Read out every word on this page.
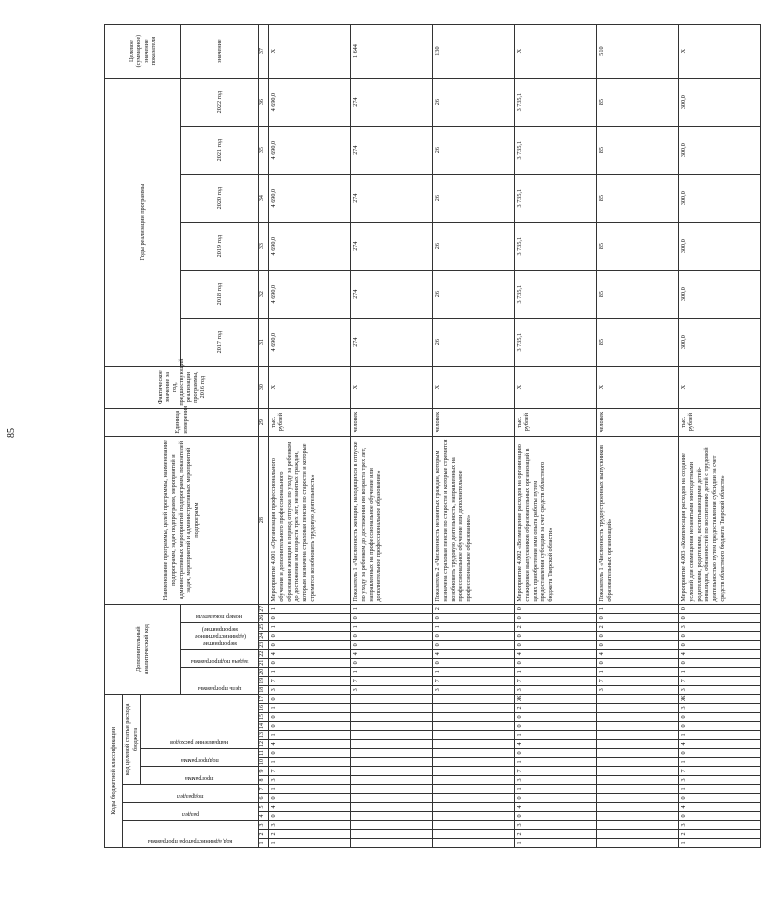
85
Коды бюджетной классификации																	Дополнительный аналитический код										Наименование программы, целей программы, наименование подпрограмм, задач подпрограмм, мероприятий и административных мероприятий подпрограмм, показателей задач, мероприятий и административных мероприятий подпрограмм	Единица измерения	Фактическое значение за год, предшествующий реализации программы, 2016 год	Годы реализации программы						Целевое (суммарное) значение показателя

код администратора программы			раздел		подраздел		код целевой статьи расхода бюджета																													

							программа		подпрограмма		направление расходов																									

																	цель программы			задача подпрограммы		мероприятие (административное мероприятие)			номер показателя					2017 год	2018 год	2019 год	2020 год	2021 год	2022 год	значение

1	2	3	4	5	6	7	8	9	10	11	12	13	14	15	16	17	18	19	20	21	22	23	24	25	26	27	28	29	30	31	32	33	34	35	36	37
1	2	3	0	4	0	1	3	7	1	0	4	1	0	0	1	0	3	7	1	0	4	0	0	1	0	1	Мероприятие 4.001 «Организация профессионального обучения и дополнительного профессионального образования женщин в период отпуска по уходу за ребенком до достижения им возраста трех лет, незанятых граждан, которым назначена страховая пенсия по старости и которые стремятся возобновить трудовую деятельность»	тыс. рублей	Х	4 690,0	4 690,0	4 690,0	4 690,0	4 690,0	4 690,0	Х
																	3	7	1	0	4	0	0	1	0	1	Показатель 1 «Численность женщин, находящихся в отпуске по уходу за ребенком до достижения им возраста трех лет, направленных на профессиональное обучение или дополнительное профессиональное образование»	человек	Х	274	274	274	274	274	274	1 644
																	3	7	1	0	4	0	0	1	0	2	Показатель 2 «Численность незанятых граждан, которым назначена страховая пенсия по старости и которые стремятся возобновить трудовую деятельность, направленных на профессиональное обучение или дополнительное профессиональное образование»	человек	Х	26	26	26	26	26	26	130
1	2	3	0	4	0	1	3	7	1	0	4	1	0	0	2	Ж	3	7	1	0	4	0	0	2	0	0	Мероприятие 4.002 «Возмещение расходов на организацию стажировки выпускников образовательных организаций в целях приобретения ими опыта работы путем предоставления субсидии за счет средств областного бюджета Тверской области»	тыс. рублей	Х	3 735,1	3 735,1	3 735,1	3 735,1	3 735,1	3 735,1	Х
																	3	7	1	0	4	0	0	2	0	1	Показатель 1 «Численность трудоустроенных выпускников образовательных организаций»	человек	Х	85	85	85	85	85	85	510
1	2	3	0	4	0	1	3	7	1	0	4	1	0	0	3	Ж	3	7	1	0	4	0	0	3	0	0	Мероприятие 4.003 «Компенсация расходов на создание условий для совмещения незанятыми многодетными родителями, родителями, воспитывающими детей-инвалидов, обязанностей по воспитанию детей с трудовой деятельностью путем предоставления субсидии за счет средств областного бюджета Тверской области»	тыс. рублей	Х	300,0	300,0	300,0	300,0	300,0	300,0	Х
